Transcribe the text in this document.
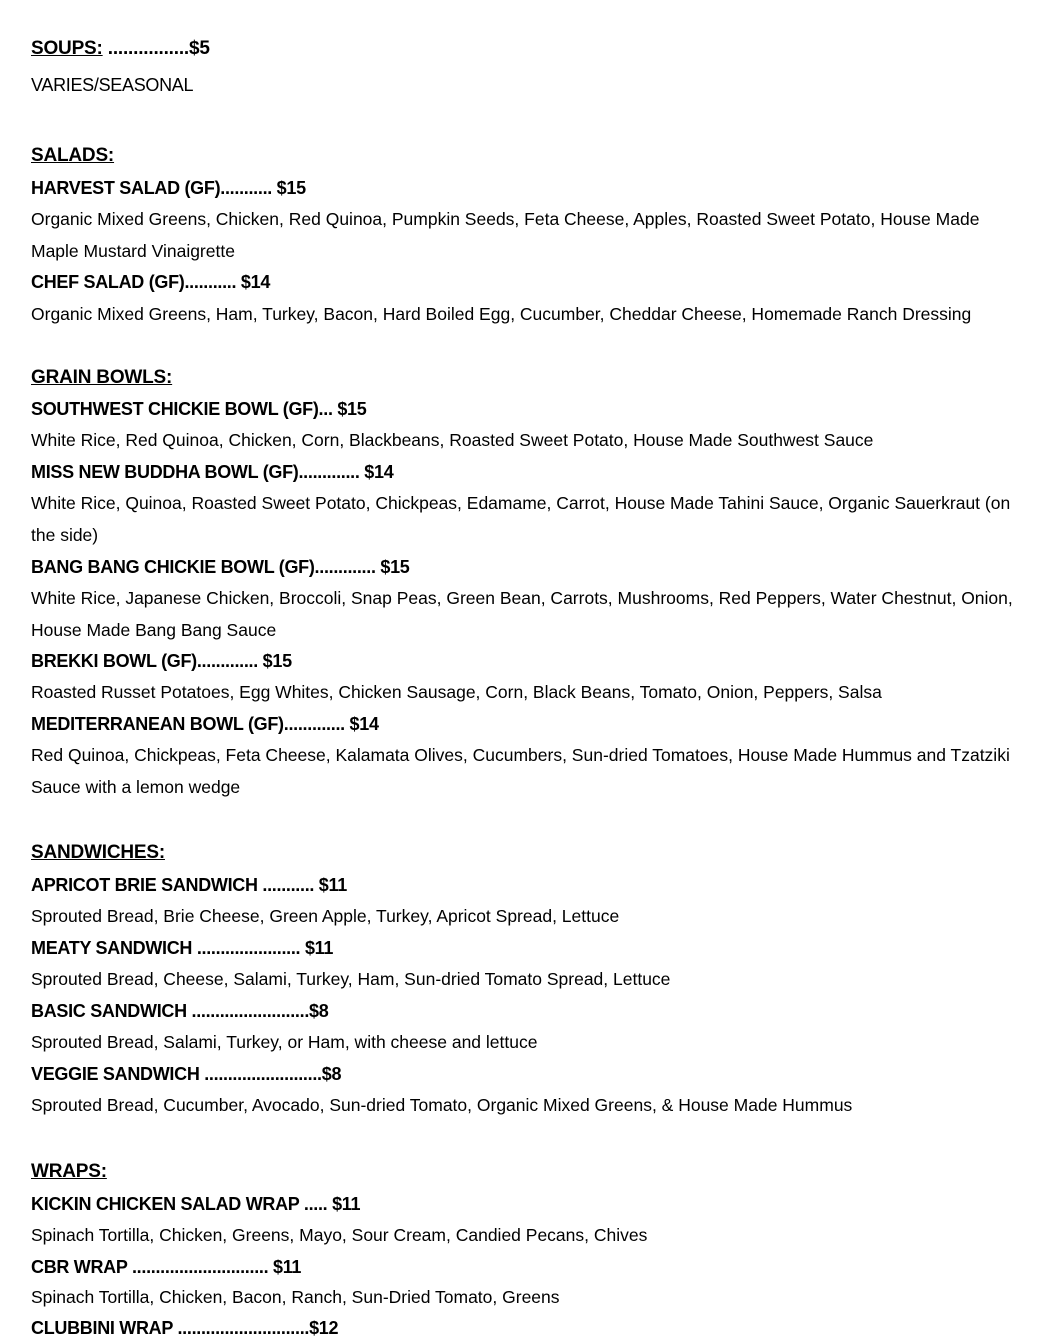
SOUPS: ................$5
VARIES/SEASONAL
SALADS:
HARVEST SALAD (GF)........... $15
Organic Mixed Greens, Chicken, Red Quinoa, Pumpkin Seeds, Feta Cheese, Apples, Roasted Sweet Potato, House Made Maple Mustard Vinaigrette
CHEF SALAD (GF)........... $14
Organic Mixed Greens, Ham, Turkey, Bacon, Hard Boiled Egg, Cucumber, Cheddar Cheese, Homemade Ranch Dressing
GRAIN BOWLS:
SOUTHWEST CHICKIE BOWL (GF)... $15
White Rice, Red Quinoa, Chicken, Corn, Blackbeans, Roasted Sweet Potato, House Made Southwest Sauce
MISS NEW BUDDHA BOWL (GF)............. $14
White Rice, Quinoa, Roasted Sweet Potato, Chickpeas, Edamame, Carrot, House Made Tahini Sauce, Organic Sauerkraut (on the side)
BANG BANG CHICKIE BOWL (GF)............. $15
White Rice, Japanese Chicken, Broccoli, Snap Peas, Green Bean, Carrots, Mushrooms, Red Peppers, Water Chestnut, Onion, House Made Bang Bang Sauce
BREKKI BOWL (GF)............. $15
Roasted Russet Potatoes, Egg Whites, Chicken Sausage, Corn, Black Beans, Tomato, Onion, Peppers, Salsa
MEDITERRANEAN BOWL (GF)............. $14
Red Quinoa, Chickpeas, Feta Cheese, Kalamata Olives, Cucumbers, Sun-dried Tomatoes, House Made Hummus and Tzatziki Sauce with a lemon wedge
SANDWICHES:
APRICOT BRIE SANDWICH ........... $11
Sprouted Bread, Brie Cheese, Green Apple, Turkey, Apricot Spread, Lettuce
MEATY SANDWICH ...................... $11
Sprouted Bread, Cheese, Salami, Turkey, Ham, Sun-dried Tomato Spread, Lettuce
BASIC SANDWICH .........................$8
Sprouted Bread, Salami, Turkey, or Ham, with cheese and lettuce
VEGGIE SANDWICH .........................$8
Sprouted Bread, Cucumber, Avocado, Sun-dried Tomato, Organic Mixed Greens, & House Made Hummus
WRAPS:
KICKIN CHICKEN SALAD WRAP ..... $11
Spinach Tortilla, Chicken, Greens, Mayo, Sour Cream, Candied Pecans, Chives
CBR WRAP ............................. $11
Spinach Tortilla, Chicken, Bacon, Ranch, Sun-Dried Tomato, Greens
CLUBBINI WRAP ............................$12
